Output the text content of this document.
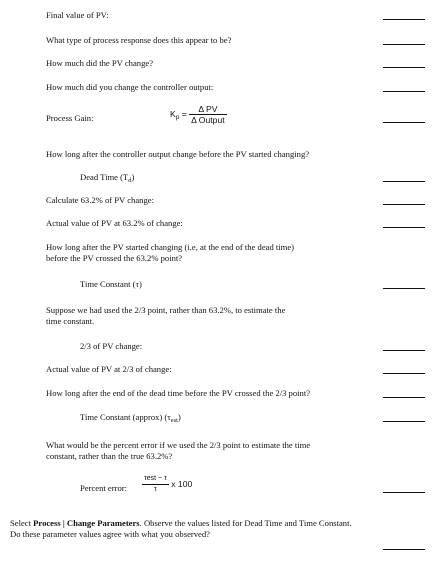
Final value of PV:
What type of process response does this appear to be?
How much did the PV change?
How much did you change the controller output:
Process Gain:	$K_p = \frac{\text{Δ PV}}{\text{Δ Output}}$
How long after the controller output change before the PV started changing?
Dead Time $(T_d)$
Calculate 63.2% of PV change:
Actual value of PV at 63.2% of change:
How long after the PV started changing (i.e, at the end of the dead time)
before the PV crossed the 63.2% point?
Time Constant (τ)
Suppose we had used the 2/3 point, rather than 63.2%, to estimate the
time constant.
2/3 of PV change:
Actual value of PV at 2/3 of change:
How long after the end of the dead time before the PV crossed the 2/3 point?
Time Constant (approx) $(\tau_{est})$
What would be the percent error if we used the 2/3 point to estimate the time
constant, rather than the true 63.2%?
Percent error: $\frac{\text{τest − τ}}{\tau}$ x 100
Select Process | Change Parameters. Observe the values listed for Dead Time and Time Constant.
Do these parameter values agree with what you observed?
